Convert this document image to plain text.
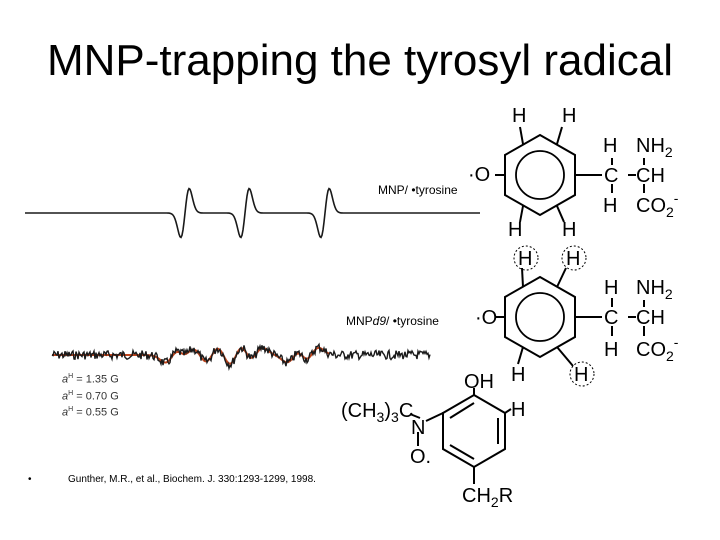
MNP-trapping the tyrosyl radical
MNP/ •tyrosine
MNPd9/ •tyrosine
·O
H H
H H
C CH
H
H
$NH_2$
$CO_2^-$
·O
H H
H H
C CH
H
H
$NH_2$
$CO_2^-$
OH
H
$(CH_3)_3C$
N
O.
$CH_2R$
$a^H = 1.35$ G
$a^H = 0.70$ G
$a^H = 0.55$ G
•	Gunther, M.R., et al., Biochem. J. 330:1293-1299, 1998.
